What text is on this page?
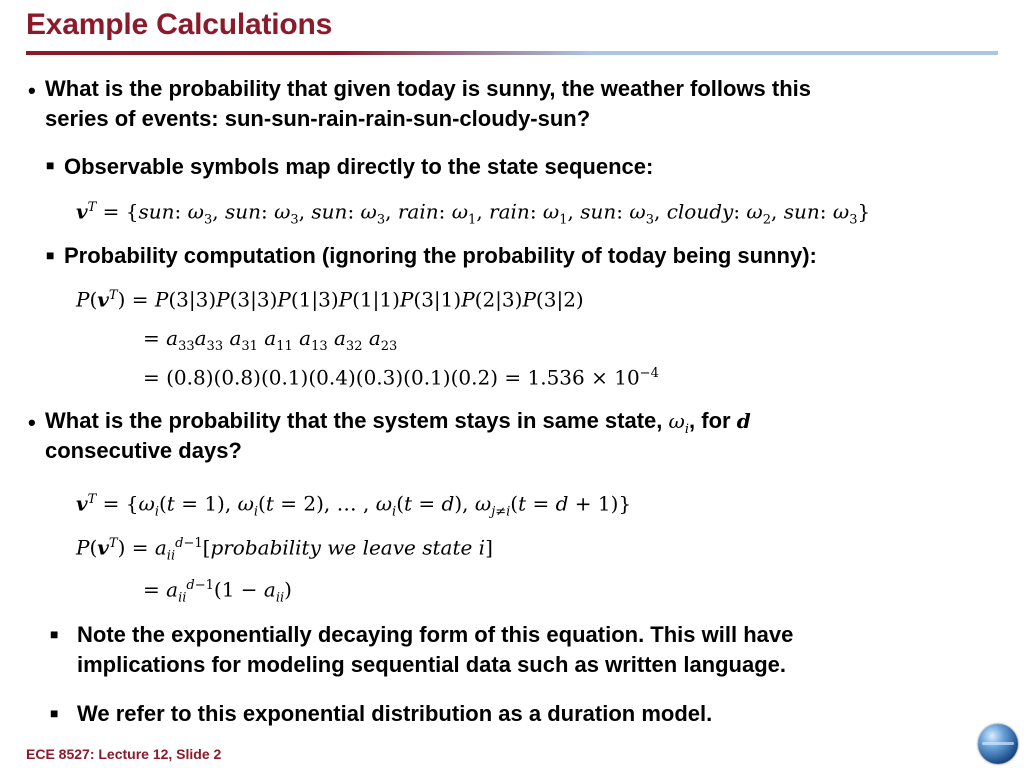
Example Calculations
• What is the probability that given today is sunny, the weather follows this
series of events: sun-sun-rain-rain-sun-cloudy-sun?
■ Observable symbols map directly to the state sequence:
$v^T = \{sun$: $\omega_3$, sun: $\omega_3$, sun: $\omega_3$, rain: $\omega_1$, rain: $\omega_1$, sun: $\omega_3$, cloudy: $\omega_2$, sun: $\omega_3$}
■ Probability computation (ignoring the probability of today being sunny):
$P(v^T) = P(3|3)P(3|3)P(1|3)P(1|1)P(3|1)P(2|3)P(3|2)$
= $a_{33}a_{33}$ $a_{31}$ $a_{11}$ $a_{13}$ $a_{32}$ $a_{23}$
= $(0.8)(0.8)(0.1)(0.4)(0.3)(0.1)(0.2) = 1.536 \times 10^{-4}$
• What is the probability that the system stays in same state, $\omega_i$, for d
consecutive days?
$v^T = \{\omega_i(t = 1)$, $\omega_i(t = 2)$, … , $\omega_i(t = d)$, $\omega_{j\ne i}(t = d + 1)$}
$P(v^T)$ = $a_{ii}^{d-1}[probability$ we leave state i]
= $a_{ii}^{d-1}(1 - a_{ii})$
■ Note the exponentially decaying form of this equation. This will have
implications for modeling sequential data such as written language.
■ We refer to this exponential distribution as a duration model.
ECE 8527: Lecture 12, Slide 2
